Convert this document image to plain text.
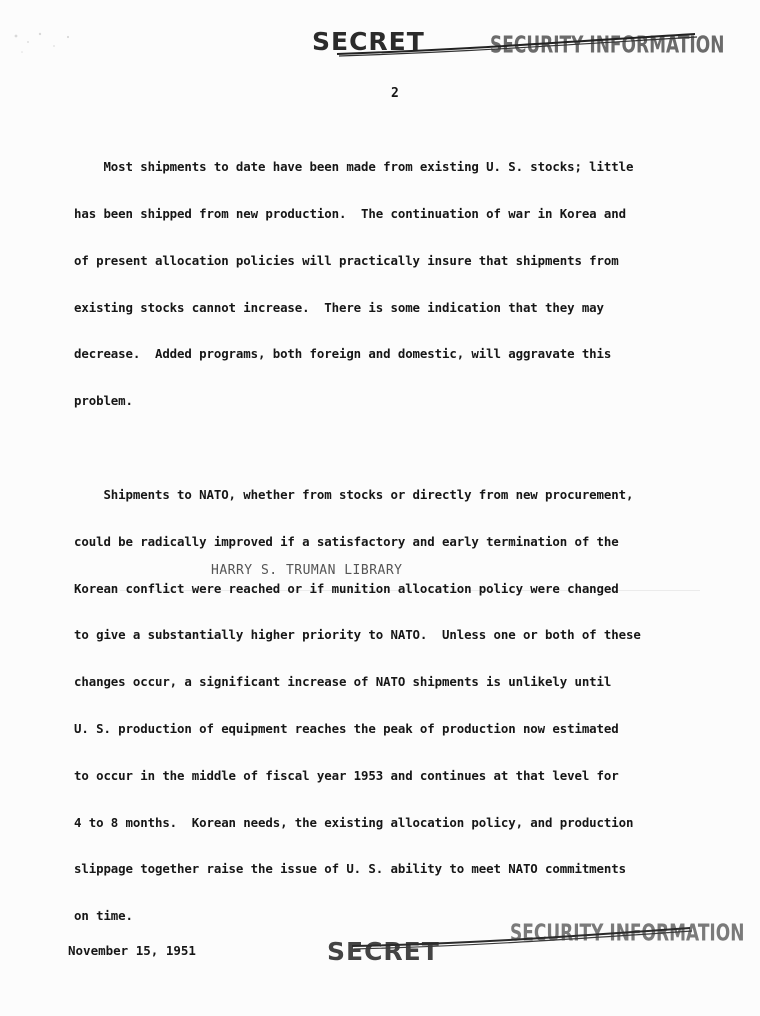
SECRET	SECURITY INFORMATION
2

Most shipments to date have been made from existing U. S. stocks; little

has been shipped from new production.  The continuation of war in Korea and

of present allocation policies will practically insure that shipments from

existing stocks cannot increase.  There is some indication that they may

decrease.  Added programs, both foreign and domestic, will aggravate this

problem.

Shipments to NATO, whether from stocks or directly from new procurement,

could be radically improved if a satisfactory and early termination of the

Korean conflict were reached or if munition allocation policy were changed

to give a substantially higher priority to NATO.  Unless one or both of these

changes occur, a significant increase of NATO shipments is unlikely until

U. S. production of equipment reaches the peak of production now estimated

to occur in the middle of fiscal year 1953 and continues at that level for

4 to 8 months.  Korean needs, the existing allocation policy, and production

slippage together raise the issue of U. S. ability to meet NATO commitments

on time.

HARRY S. TRUMAN LIBRARY
November 15, 1951	SECRET
SECURITY INFORMATION
